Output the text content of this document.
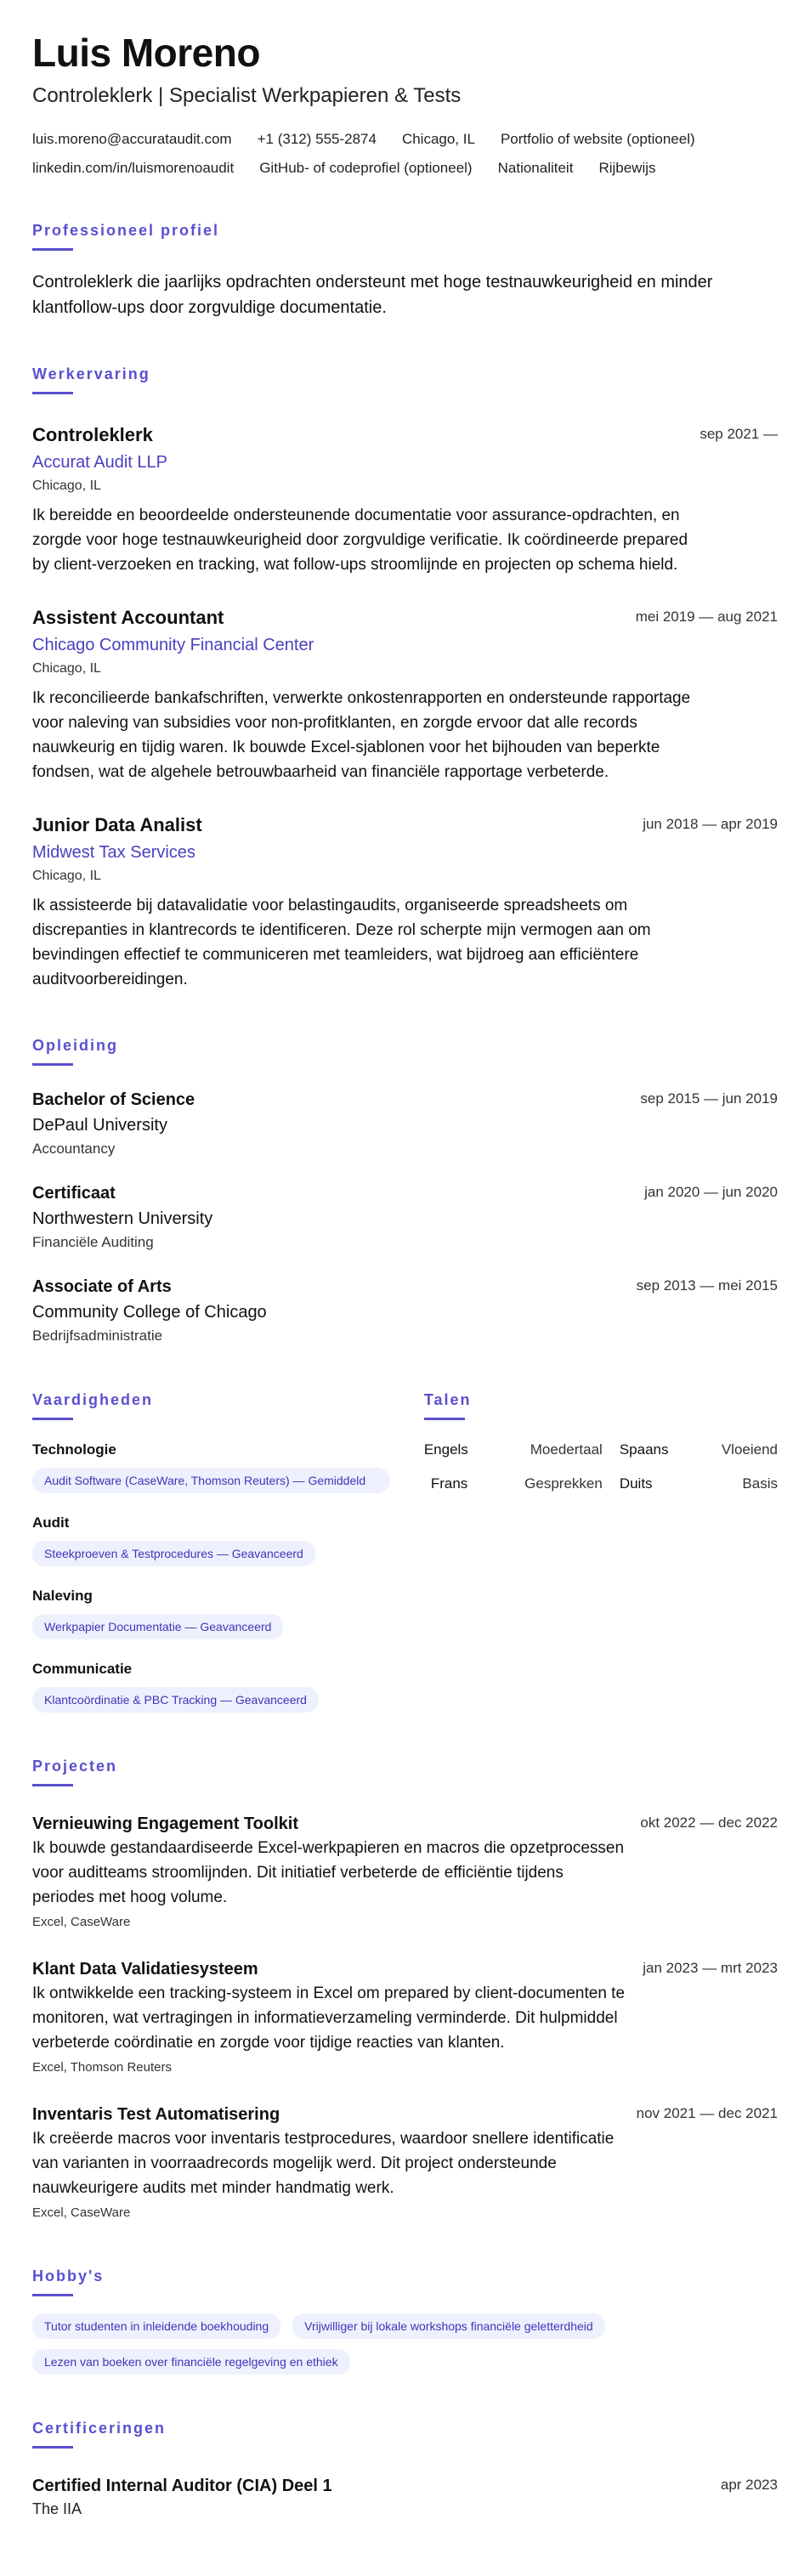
Luis Moreno
Controleklerk | Specialist Werkpapieren & Tests
luis.moreno@accurataudit.com +1 (312) 555-2874 Chicago, IL Portfolio of website (optioneel)
linkedin.com/in/luismorenoaudit GitHub- of codeprofiel (optioneel) Nationaliteit Rijbewijs
Professioneel profiel
Controleklerk die jaarlijks opdrachten ondersteunt met hoge testnauwkeurigheid en minder klantfollow-ups door zorgvuldige documentatie.
Werkervaring
Controleklerk	sep 2021 —
Accurat Audit LLP
Chicago, IL
Ik bereidde en beoordeelde ondersteunende documentatie voor assurance-opdrachten, en zorgde voor hoge testnauwkeurigheid door zorgvuldige verificatie. Ik coördineerde prepared by client-verzoeken en tracking, wat follow-ups stroomlijnde en projecten op schema hield.
Assistent Accountant	mei 2019 — aug 2021
Chicago Community Financial Center
Chicago, IL
Ik reconcilieerde bankafschriften, verwerkte onkostenrapporten en ondersteunde rapportage voor naleving van subsidies voor non-profitklanten, en zorgde ervoor dat alle records nauwkeurig en tijdig waren. Ik bouwde Excel-sjablonen voor het bijhouden van beperkte fondsen, wat de algehele betrouwbaarheid van financiële rapportage verbeterde.
Junior Data Analist	jun 2018 — apr 2019
Midwest Tax Services
Chicago, IL
Ik assisteerde bij datavalidatie voor belastingaudits, organiseerde spreadsheets om discrepanties in klantrecords te identificeren. Deze rol scherpte mijn vermogen aan om bevindingen effectief te communiceren met teamleiders, wat bijdroeg aan efficiëntere auditvoorbereidingen.
Opleiding
Bachelor of Science	sep 2015 — jun 2019
DePaul University
Accountancy
Certificaat	jan 2020 — jun 2020
Northwestern University
Financiële Auditing
Associate of Arts	sep 2013 — mei 2015
Community College of Chicago
Bedrijfsadministratie
Vaardigheden
Technologie
Audit Software (CaseWare, Thomson Reuters) — Gemiddeld
Audit
Steekproeven & Testprocedures — Geavanceerd
Naleving
Werkpapier Documentatie — Geavanceerd
Communicatie
Klantcoördinatie & PBC Tracking — Geavanceerd
Talen
Engels	Moedertaal	Spaans	Vloeiend
Frans	Gesprekken	Duits	Basis
Projecten
Vernieuwing Engagement Toolkit	okt 2022 — dec 2022
Ik bouwde gestandaardiseerde Excel-werkpapieren en macros die opzetprocessen voor auditteams stroomlijnden. Dit initiatief verbeterde de efficiëntie tijdens periodes met hoog volume.
Excel, CaseWare
Klant Data Validatiesysteem	jan 2023 — mrt 2023
Ik ontwikkelde een tracking-systeem in Excel om prepared by client-documenten te monitoren, wat vertragingen in informatieverzameling verminderde. Dit hulpmiddel verbeterde coördinatie en zorgde voor tijdige reacties van klanten.
Excel, Thomson Reuters
Inventaris Test Automatisering	nov 2021 — dec 2021
Ik creëerde macros voor inventaris testprocedures, waardoor snellere identificatie van varianten in voorraadrecords mogelijk werd. Dit project ondersteunde nauwkeurigere audits met minder handmatig werk.
Excel, CaseWare
Hobby's
Tutor studenten in inleidende boekhouding	Vrijwilliger bij lokale workshops financiële geletterdheid
Lezen van boeken over financiële regelgeving en ethiek
Certificeringen
Certified Internal Auditor (CIA) Deel 1	apr 2023
The IIA
